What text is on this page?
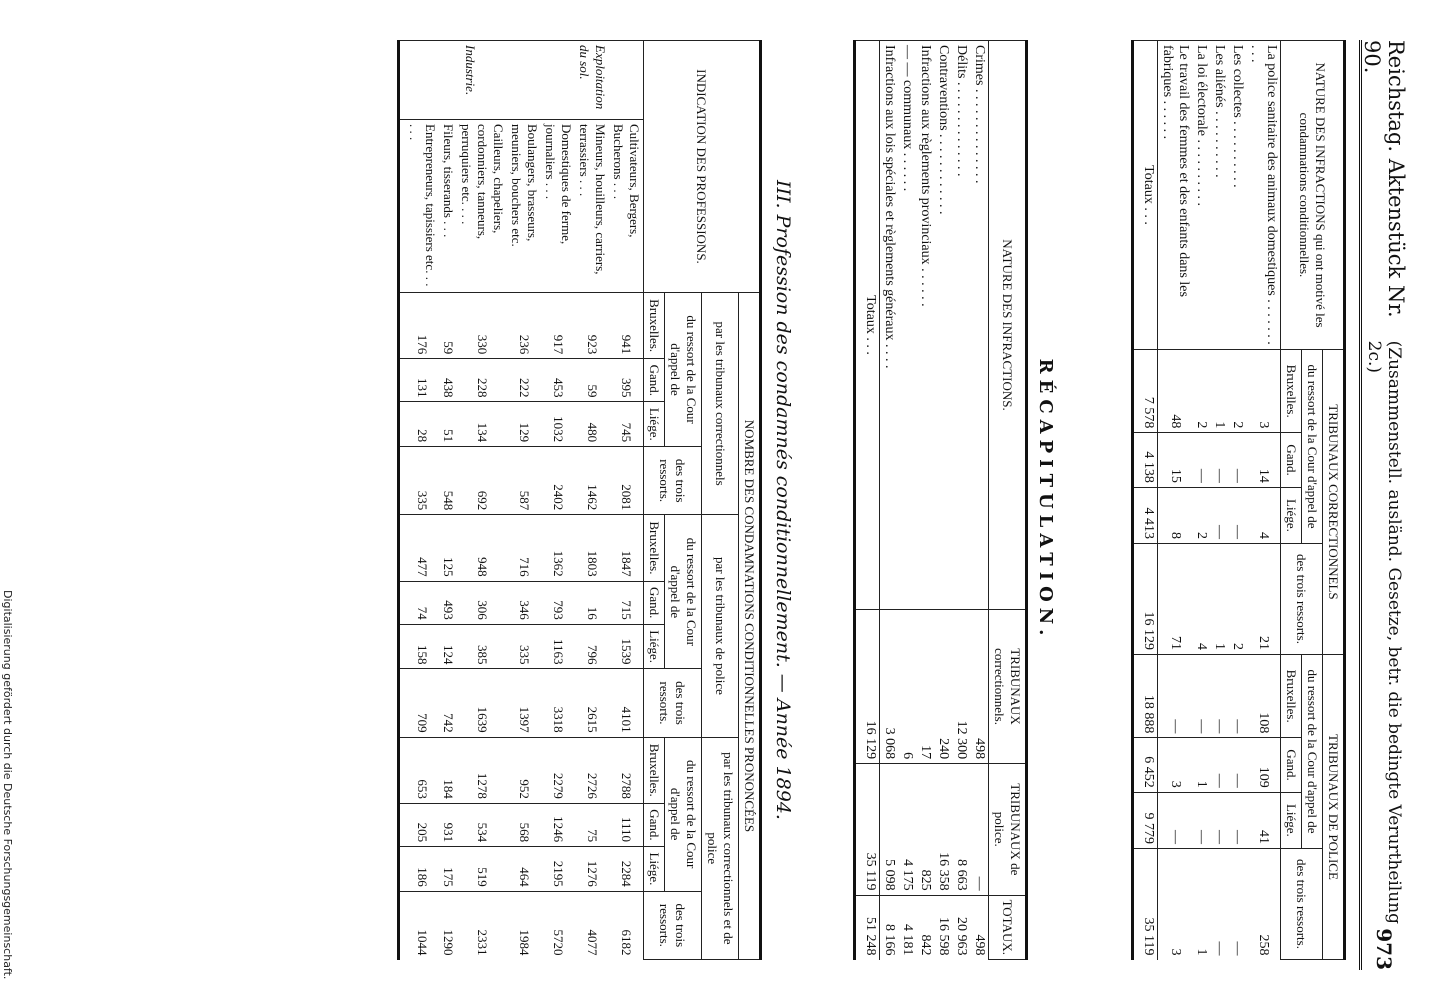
Reichstag. Aktenstück Nr. 90.
(Zusammenstell. ausländ. Gesetze, betr. die bedingte Verurtheilung 2c.)
973
NATURE DES INFRACTIONS qui ont motivé les condamnations conditionnelles.	TRIBUNAUX CORRECTIONNELS				TRIBUNAUX DE POLICE			
	du ressort de la Cour d'appel de			des trois ressorts.	du ressort de la Cour d'appel de			des trois ressorts.
	Bruxelles.	Gand.	Liége.		Bruxelles.	Gand.	Liége.	
La police sanitaire des animaux domestiques . . . . . . . . . .	3	14	4	21	108	109	41	258
Les collectes . . . . . . . . . .	2	—	—	2	—	—	—	—
Les aliénés . . . . . . . . . .	1	—	—	1	—	—	—	—
La loi électorale . . . . . . . . . .	2	—	2	4	—	1	—	1
Le travail des femmes et des enfants dans les fabriques . . . . . .	48	15	8	71	—	3	—	3
Totaux . . .	7 578	4 138	4 413	16 129	18 888	6 452	9 779	35 119
RÉCAPITULATION.
NATURE DES INFRACTIONS.	TRIBUNAUX correctionnels.	TRIBUNAUX de police.	TOTAUX.
Crimes . . . . . . . . . . . . . .	498	—	498
Délits . . . . . . . . . . . . . .	12 300	8 663	20 963
Contraventions . . . . . . . . . . . .	240	16 358	16 598
Infractions aux règlements provinciaux . . . . . .	17	825	842
— — communaux . . . . . .	6	4 175	4 181
Infractions aux lois spéciales et règlements généraux . . . .	3 068	5 098	8 166
Totaux . . .	16 129	35 119	51 248
III. Profession des condamnés conditionnellement. — Année 1894.
INDICATION DES PROFESSIONS.		NOMBRE DES CONDAMNATIONS CONDITIONNELLES PRONONCÉES											
		par les tribunaux correctionnels				par les tribunaux de police				par les tribunaux correctionnels et de police			
		du ressort de la Cour d'appel de			des trois ressorts.	du ressort de la Cour d'appel de			des trois ressorts.	du ressort de la Cour d'appel de			des trois ressorts.
		Bruxelles.	Gand.	Liége.		Bruxelles.	Gand.	Liége.		Bruxelles.	Gand.	Liége.	
Exploitation du sol.	Cultivateurs, Bergers, Bucherons . . .	941	395	745	2081	1847	715	1539	4101	2788	1110	2284	6182
	Mineurs, houilleurs, carriers, terrassiers . . .	923	59	480	1462	1803	16	796	2615	2726	75	1276	4077
	Domestiques de ferme, journaliers . . .	917	453	1032	2402	1362	793	1163	3318	2279	1246	2195	5720
Industrie.	Boulangers, brasseurs, meuniers, bouchers etc.	236	222	129	587	716	346	335	1397	952	568	464	1984
	Cailleurs, chapeliers, cordonniers, tanneurs, perruquiers etc. . . .	330	228	134	692	948	306	385	1639	1278	534	519	2331
	Fileurs, tisserands . . .	59	438	51	548	125	493	124	742	184	931	175	1290
	Entrepreneurs, tapissiers etc. . . . . .	176	131	28	335	477	74	158	709	653	205	186	1044
Digitalisierung gefördert durch die Deutsche Forschungsgemeinschaft.
